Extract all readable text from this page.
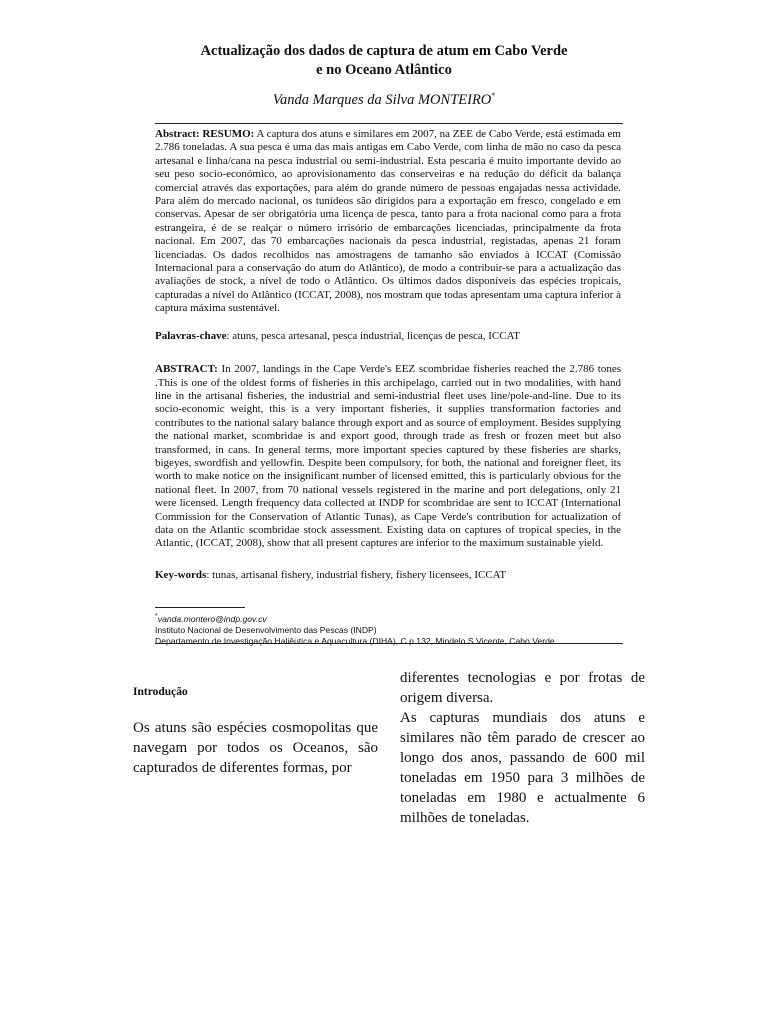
Actualização dos dados de captura de atum em Cabo Verde
e no Oceano Atlântico
Vanda Marques da Silva MONTEIRO*

Abstract: RESUMO: A captura dos atuns e similares em 2007, na ZEE de Cabo Verde, está estimada em 2.786 toneladas. A sua pesca é uma das mais antigas em Cabo Verde, com linha de mão no caso da pesca artesanal e linha/cana na pesca industrial ou semi-industrial. Esta pescaria é muito importante devido ao seu peso socio-económico, ao aprovisionamento das conserveiras e na redução do déficit da balança comercial através das exportações, para além do grande número de pessoas engajadas nessa actividade. Para além do mercado nacional, os tunídeos são dirigidos para a exportação em fresco, congelado e em conservas. Apesar de ser obrigatória uma licença de pesca, tanto para a frota nacional como para a frota estrangeira, é de se realçar o número irrisório de embarcações licenciadas, principalmente da frota nacional. Em 2007, das 70 embarcações nacionais da pesca industrial, registadas, apenas 21 foram licenciadas. Os dados recolhidos nas amostragens de tamanho são enviados à ICCAT (Comissão Internacional para a conservação do atum do Atlântico), de modo a contribuir-se para a actualização das avaliações de stock, a nível de todo o Atlântico. Os últimos dados disponíveis das espécies tropicais, capturadas a nível do Atlântico (ICCAT, 2008), nos mostram que todas apresentam uma captura inferior à captura máxima sustentável.

Palavras-chave: atuns, pesca artesanal, pesca industrial, licenças de pesca, ICCAT

ABSTRACT: In 2007, landings in the Cape Verde's EEZ scombridae fisheries reached the 2.786 tones .This is one of the oldest forms of fisheries in this archipelago, carried out in two modalities, with hand line in the artisanal fisheries, the industrial and semi-industrial fleet uses line/pole-and-line. Due to its socio-economic weight, this is a very important fisheries, it supplies transformation factories and contributes to the national salary balance through export and as source of employment. Besides supplying the national market, scombridae is and export good, through trade as fresh or frozen meet but also transformed, in cans. In general terms, more important species captured by these fisheries are sharks, bigeyes, swordfish and yellowfin. Despite been compulsory, for both, the national and foreigner fleet, its worth to make notice on the insignificant number of licensed emitted, this is particularly obvious for the national fleet. In 2007, from 70 national vessels registered in the marine and port delegations, only 21 were licensed. Length frequency data collected at INDP for scombridae are sent to ICCAT (International Commission for the Conservation of Atlantic Tunas), as Cape Verde's contribution for actualization of data on the Atlantic scombridae stock assessment. Existing data on captures of tropical species, in the Atlantic, (ICCAT, 2008), show that all present captures are inferior to the maximum sustainable yield.

Key-words: tunas, artisanal fishery, industrial fishery, fishery licensees, ICCAT

*vanda.montero@indp.gov.cv
Instituto Nacional de Desenvolvimento das Pescas (INDP)
Departamento de Investigação Haliêutica e Aquacultura (DIHA), C.p 132, Mindelo S.Vicente, Cabo Verde
Introdução

Os atuns são espécies cosmopolitas que navegam por todos os Oceanos, são capturados de diferentes formas, por

diferentes tecnologias e por frotas de origem diversa.

As capturas mundiais dos atuns e similares não têm parado de crescer ao longo dos anos, passando de 600 mil toneladas em 1950 para 3 milhões de toneladas em 1980 e actualmente 6 milhões de toneladas.
